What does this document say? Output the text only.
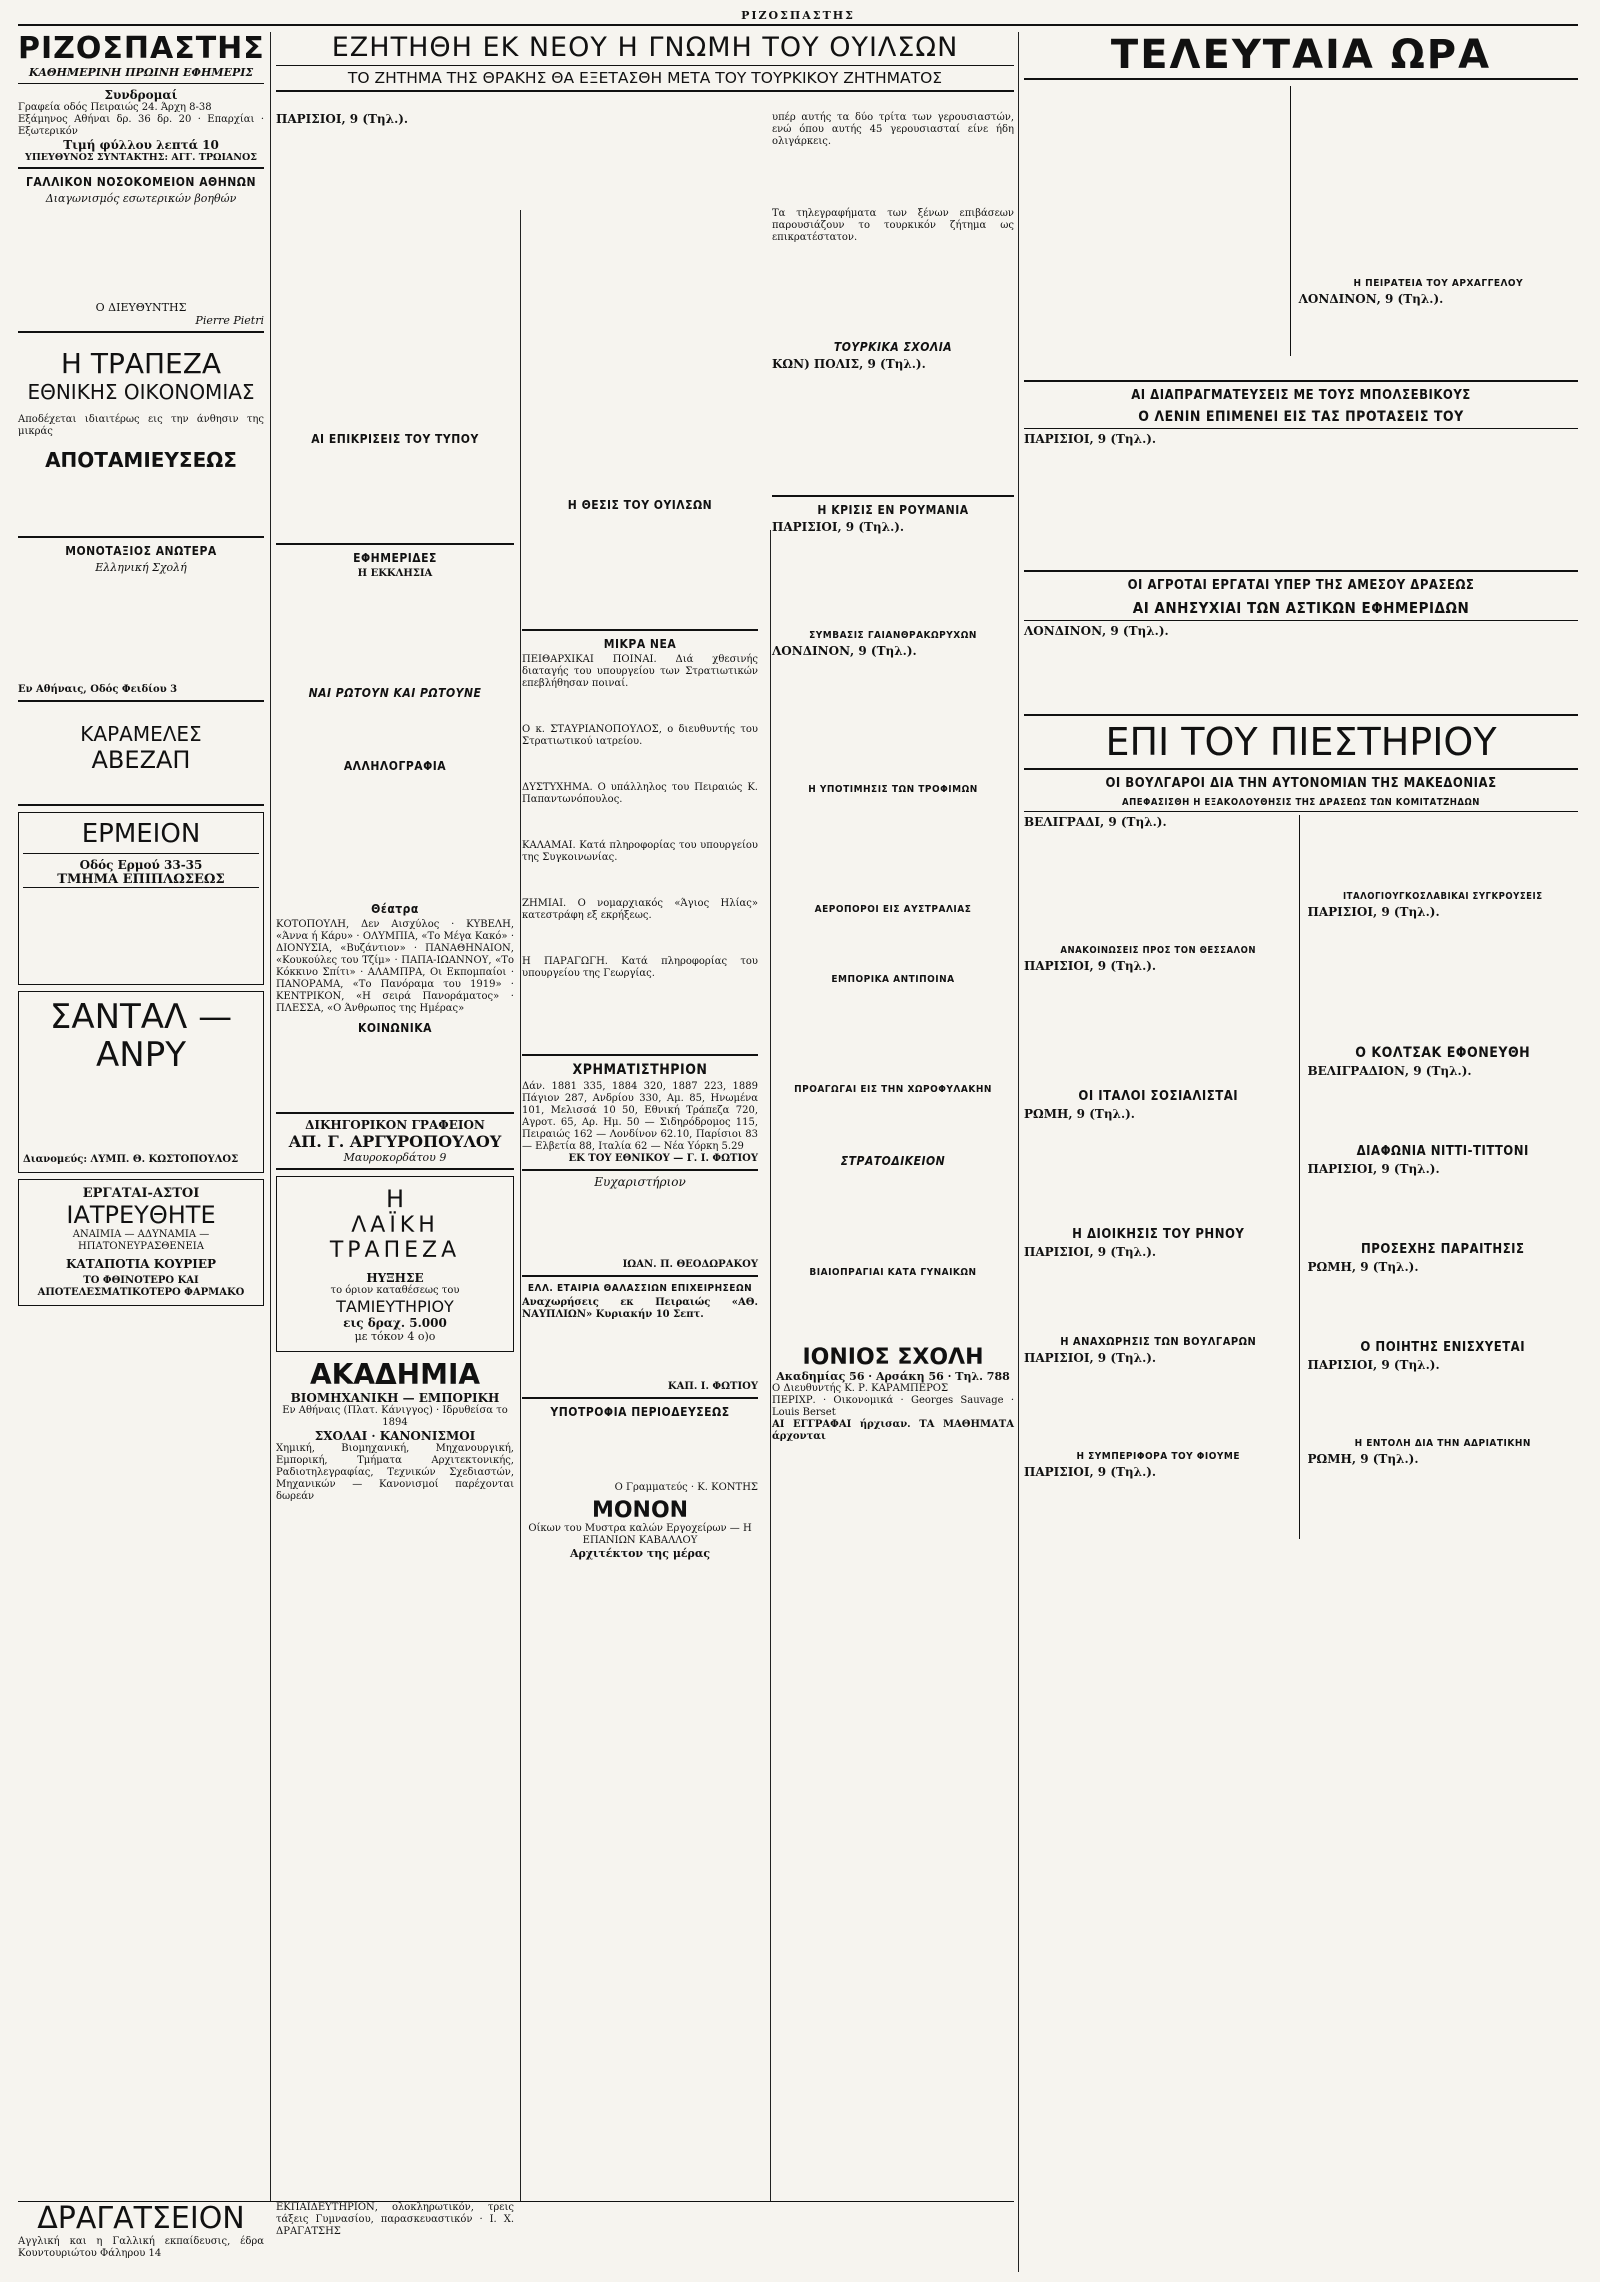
ΡΙΖΟΣΠΑΣΤΗΣ
ΡΙΖΟΣΠΑΣΤΗΣ
ΚΑΘΗΜΕΡΙΝΗ ΠΡΩΙΝΗ ΕΦΗΜΕΡΙΣ
Συνδρομαί
Γραφεία οδός Πειραιώς 24. Άρχη 8-38
Εξάμηνος Αθήναι δρ. 36 δρ. 20 · Επαρχίαι · Εξωτερικόν
Τιμή φύλλου λεπτά 10
ΥΠΕΥΘΥΝΟΣ ΣΥΝΤΑΚΤΗΣ: ΑΓΓ. ΤΡΩΙΑΝΟΣ
ΓΑΛΛΙΚΟΝ ΝΟΣΟΚΟΜΕΙΟΝ ΑΘΗΝΩΝ
Διαγωνισμός εσωτερικών βοηθών
Ο ΔΙΕΥΘΥΝΤΗΣ
Pierre Pietri
Η ΤΡΑΠΕΖΑ
ΕΘΝΙΚΗΣ ΟΙΚΟΝΟΜΙΑΣ
Αποδέχεται ιδιαιτέρως εις την άνθησιν της μικράς
ΑΠΟΤΑΜΙΕΥΣΕΩΣ
ΜΟΝΟΤΑΞΙΟΣ ΑΝΩΤΕΡΑ
Ελληνική Σχολή
Εν Αθήναις, Οδός Φειδίου 3
ΚΑΡΑΜΕΛΕΣ
ΑΒΕΖΑΠ
ΕΡΜΕΙΟΝ
Οδός Ερμού 33-35
ΤΜΗΜΑ ΕΠΙΠΛΩΣΕΩΣ
ΣΑΝΤΑΛ — ΑΝΡΥ
Διανομεύς: ΛΥΜΠ. Θ. ΚΩΣΤΟΠΟΥΛΟΣ
ΕΡΓΑΤΑΙ-ΑΣΤΟΙ
ΙΑΤΡΕΥΘΗΤΕ
ΑΝΑΙΜΙΑ — ΑΔΥΝΑΜΙΑ — ΗΠΑΤΟΝΕΥΡΑΣΘΕΝΕΙΑ
ΚΑΤΑΠΟΤΙΑ ΚΟΥΡΙΕΡ
ΤΟ ΦΘΙΝΟΤΕΡΟ ΚΑΙ ΑΠΟΤΕΛΕΣΜΑΤΙΚΟΤΕΡΟ ΦΑΡΜΑΚΟ
ΕΖΗΤΗΘΗ ΕΚ ΝΕΟΥ Η ΓΝΩΜΗ ΤΟΥ ΟΥΙΛΣΩΝ
ΤΟ ΖΗΤΗΜΑ ΤΗΣ ΘΡΑΚΗΣ ΘΑ ΕΞΕΤΑΣΘΗ ΜΕΤΑ ΤΟΥ ΤΟΥΡΚΙΚΟΥ ΖΗΤΗΜΑΤΟΣ
ΠΑΡΙΣΙΟΙ, 9 (Τηλ.).
ΑΙ ΕΠΙΚΡΙΣΕΙΣ ΤΟΥ ΤΥΠΟΥ
ΕΦΗΜΕΡΙΔΕΣ
Η ΕΚΚΛΗΣΙΑ
ΝΑΙ ΡΩΤΟΥΝ ΚΑΙ ΡΩΤΟΥΝΕ
ΑΛΛΗΛΟΓΡΑΦΙΑ
Θέατρα
ΚΟΤΟΠΟΥΛΗ, Δεν Αισχύλος · ΚΥΒΕΛΗ, «Άννα ή Κάρυ» · ΟΛΥΜΠΙΑ, «Το Μέγα Κακό» · ΔΙΟΝΥΣΙΑ, «Βυζάντιον» · ΠΑΝΑΘΗΝΑΙΟΝ, «Κουκούλες του Τζίμ» · ΠΑΠΑ-ΙΩΑΝΝΟΥ, «Το Κόκκινο Σπίτι» · ΑΛΑΜΠΡΑ, Οι Εκπομπαίοι · ΠΑΝΟΡΑΜΑ, «Το Πανόραμα του 1919» · ΚΕΝΤΡΙΚΟΝ, «Η σειρά Πανοράματος» · ΠΛΕΣΣΑ, «Ο Άνθρωπος της Ημέρας»
ΚΟΙΝΩΝΙΚΑ
ΔΙΚΗΓΟΡΙΚΟΝ ΓΡΑΦΕΙΟΝ
ΑΠ. Γ. ΑΡΓΥΡΟΠΟΥΛΟΥ
Μαυροκορδάτου 9
Η
ΛΑΪΚΗ ΤΡΑΠΕΖΑ
ΗΥΞΗΣΕ
το όριον καταθέσεως του
ΤΑΜΙΕΥΤΗΡΙΟΥ
εις δραχ. 5.000
με τόκον 4 ο)ο
ΑΚΑΔΗΜΙΑ
ΒΙΟΜΗΧΑΝΙΚΗ — ΕΜΠΟΡΙΚΗ
Εν Αθήναις (Πλατ. Κάνιγγος) · Ιδρυθείσα το 1894
ΣΧΟΛΑΙ · ΚΑΝΟΝΙΣΜΟΙ
Χημική, Βιομηχανική, Μηχανουργική, Εμπορική, Τμήματα Αρχιτεκτονικής, Ραδιοτηλεγραφίας, Τεχνικών Σχεδιαστών, Μηχανικών — Κανονισμοί παρέχονται δωρεάν
Η ΘΕΣΙΣ ΤΟΥ ΟΥΙΛΣΩΝ
ΜΙΚΡΑ ΝΕΑ
ΠΕΙΘΑΡΧΙΚΑΙ ΠΟΙΝΑΙ. Διά χθεσινής διαταγής του υπουργείου των Στρατιωτικών επεβλήθησαν ποιναί.
Ο κ. ΣΤΑΥΡΙΑΝΟΠΟΥΛΟΣ, ο διευθυντής του Στρατιωτικού ιατρείου.
ΔΥΣΤΥΧΗΜΑ. Ο υπάλληλος του Πειραιώς Κ. Παπαντωνόπουλος.
ΚΑΛΑΜΑΙ. Κατά πληροφορίας του υπουργείου της Συγκοινωνίας.
ΖΗΜΙΑΙ. Ο νομαρχιακός «Άγιος Ηλίας» κατεστράφη εξ εκρήξεως.
Η ΠΑΡΑΓΩΓΗ. Κατά πληροφορίας του υπουργείου της Γεωργίας.
ΧΡΗΜΑΤΙΣΤΗΡΙΟΝ
Δάν. 1881 335, 1884 320, 1887 223, 1889 Πάγιον 287, Ανδρίου 330, Αμ. 85, Ηνωμένα 101, Μελισσά 10 50, Εθνική Τράπεζα 720, Αγροτ. 65, Αρ. Ημ. 50 — Σιδηρόδρομος 115, Πειραιώς 162 — Λονδίνον 62.10, Παρίσιοι 83 — Ελβετία 88, Ιταλία 62 — Νέα Υόρκη 5.29
ΕΚ ΤΟΥ ΕΘΝΙΚΟΥ — Γ. Ι. ΦΩΤΙΟΥ
Ευχαριστήριον
ΙΩΑΝ. Π. ΘΕΟΔΩΡΑΚΟΥ
ΕΛΛ. ΕΤΑΙΡΙΑ ΘΑΛΑΣΣΙΩΝ ΕΠΙΧΕΙΡΗΣΕΩΝ
Αναχωρήσεις εκ Πειραιώς «ΑΘ. ΝΑΥΠΛΙΩΝ» Κυριακήν 10 Σεπτ.
ΚΑΠ. Ι. ΦΩΤΙΟΥ
ΥΠΟΤΡΟΦΙΑ ΠΕΡΙΟΔΕΥΣΕΩΣ
Ο Γραμματεύς · Κ. ΚΟΝΤΗΣ
ΜΟΝΟΝ
Οίκων του Μυστρα καλών Εργοχείρων — Η ΕΠΑΝΙΩΝ ΚΑΒΑΛΛΟΥ
Αρχιτέκτον της μέρας
υπέρ αυτής τα δύο τρίτα των γερουσιαστών, ενώ όπου αυτής 45 γερουσιασταί είνε ήδη ολιγάρκεις.
Τα τηλεγραφήματα των ξένων επιβάσεων παρουσιάζουν το τουρκικόν ζήτημα ως επικρατέστατον.
ΤΟΥΡΚΙΚΑ ΣΧΟΛΙΑ
ΚΩΝ) ΠΟΛΙΣ, 9 (Τηλ.).
Η ΚΡΙΣΙΣ ΕΝ ΡΟΥΜΑΝΙΑ
ΠΑΡΙΣΙΟΙ, 9 (Τηλ.).
ΣΥΜΒΑΣΙΣ ΓΑΙΑΝΘΡΑΚΩΡΥΧΩΝ
ΛΟΝΔΙΝΟΝ, 9 (Τηλ.).
Η ΥΠΟΤΙΜΗΣΙΣ ΤΩΝ ΤΡΟΦΙΜΩΝ
ΑΕΡΟΠΟΡΟΙ ΕΙΣ ΑΥΣΤΡΑΛΙΑΣ
ΕΜΠΟΡΙΚΑ ΑΝΤΙΠΟΙΝΑ
ΠΡΟΑΓΩΓΑΙ ΕΙΣ ΤΗΝ ΧΩΡΟΦΥΛΑΚΗΝ
ΣΤΡΑΤΟΔΙΚΕΙΟΝ
ΒΙΑΙΟΠΡΑΓΙΑΙ ΚΑΤΑ ΓΥΝΑΙΚΩΝ
ΙΟΝΙΟΣ ΣΧΟΛΗ
Ακαδημίας 56 · Αρσάκη 56 · Τηλ. 788
Ο Διευθυντής Κ. Ρ. ΚΑΡΑΜΠΕΡΟΣ
ΠΕΡΙΧΡ. · Οικονομικά · Georges Sauvage · Louis Berset
ΑΙ ΕΓΓΡΑΦΑΙ ήρχισαν. ΤΑ ΜΑΘΗΜΑΤΑ άρχονται
ΔΡΑΓΑΤΣΕΙΟΝ
Αγγλική και η Γαλλική εκπαίδευσις, έδρα Κουντουριώτου Φάληρου 14
ΕΚΠΑΙΔΕΥΤΗΡΙΟΝ, ολοκληρωτικόν, τρεις τάξεις Γυμνασίου, παρασκευαστικόν · Ι. Χ. ΔΡΑΓΑΤΣΗΣ
ΤΕΛΕΥΤΑΙΑ ΩΡΑ
Η ΠΕΙΡΑΤΕΙΑ ΤΟΥ ΑΡΧΑΓΓΕΛΟΥ
ΛΟΝΔΙΝΟΝ, 9 (Τηλ.).
ΑΙ ΔΙΑΠΡΑΓΜΑΤΕΥΣΕΙΣ ΜΕ ΤΟΥΣ ΜΠΟΛΣΕΒΙΚΟΥΣ
Ο ΛΕΝΙΝ ΕΠΙΜΕΝΕΙ ΕΙΣ ΤΑΣ ΠΡΟΤΑΣΕΙΣ ΤΟΥ
ΠΑΡΙΣΙΟΙ, 9 (Τηλ.).
ΟΙ ΑΓΡΟΤΑΙ ΕΡΓΑΤΑΙ ΥΠΕΡ ΤΗΣ ΑΜΕΣΟΥ ΔΡΑΣΕΩΣ
ΑΙ ΑΝΗΣΥΧΙΑΙ ΤΩΝ ΑΣΤΙΚΩΝ ΕΦΗΜΕΡΙΔΩΝ
ΛΟΝΔΙΝΟΝ, 9 (Τηλ.).
ΕΠΙ ΤΟΥ ΠΙΕΣΤΗΡΙΟΥ
ΟΙ ΒΟΥΛΓΑΡΟΙ ΔΙΑ ΤΗΝ ΑΥΤΟΝΟΜΙΑΝ ΤΗΣ ΜΑΚΕΔΟΝΙΑΣ
ΑΠΕΦΑΣΙΣΘΗ Η ΕΞΑΚΟΛΟΥΘΗΣΙΣ ΤΗΣ ΔΡΑΣΕΩΣ ΤΩΝ ΚΟΜΙΤΑΤΖΗΔΩΝ
ΒΕΛΙΓΡΑΔΙ, 9 (Τηλ.).
ΑΝΑΚΟΙΝΩΣΕΙΣ ΠΡΟΣ ΤΟΝ ΘΕΣΣΑΛΟΝ
ΠΑΡΙΣΙΟΙ, 9 (Τηλ.).
ΟΙ ΙΤΑΛΟΙ ΣΟΣΙΑΛΙΣΤΑΙ
ΡΩΜΗ, 9 (Τηλ.).
Η ΔΙΟΙΚΗΣΙΣ ΤΟΥ ΡΗΝΟΥ
ΠΑΡΙΣΙΟΙ, 9 (Τηλ.).
Η ΑΝΑΧΩΡΗΣΙΣ ΤΩΝ ΒΟΥΛΓΑΡΩΝ
ΠΑΡΙΣΙΟΙ, 9 (Τηλ.).
Η ΣΥΜΠΕΡΙΦΟΡΑ ΤΟΥ ΦΙΟΥΜΕ
ΠΑΡΙΣΙΟΙ, 9 (Τηλ.).
ΙΤΑΛΟΓΙΟΥΓΚΟΣΛΑΒΙΚΑΙ ΣΥΓΚΡΟΥΣΕΙΣ
ΠΑΡΙΣΙΟΙ, 9 (Τηλ.).
Ο ΚΟΛΤΣΑΚ ΕΦΟΝΕΥΘΗ
ΒΕΛΙΓΡΑΔΙΟΝ, 9 (Τηλ.).
ΔΙΑΦΩΝΙΑ ΝΙΤΤΙ-ΤΙΤΤΟΝΙ
ΠΑΡΙΣΙΟΙ, 9 (Τηλ.).
ΠΡΟΣΕΧΗΣ ΠΑΡΑΙΤΗΣΙΣ
ΡΩΜΗ, 9 (Τηλ.).
Ο ΠΟΙΗΤΗΣ ΕΝΙΣΧΥΕΤΑΙ
ΠΑΡΙΣΙΟΙ, 9 (Τηλ.).
Η ΕΝΤΟΛΗ ΔΙΑ ΤΗΝ ΑΔΡΙΑΤΙΚΗΝ
ΡΩΜΗ, 9 (Τηλ.).
